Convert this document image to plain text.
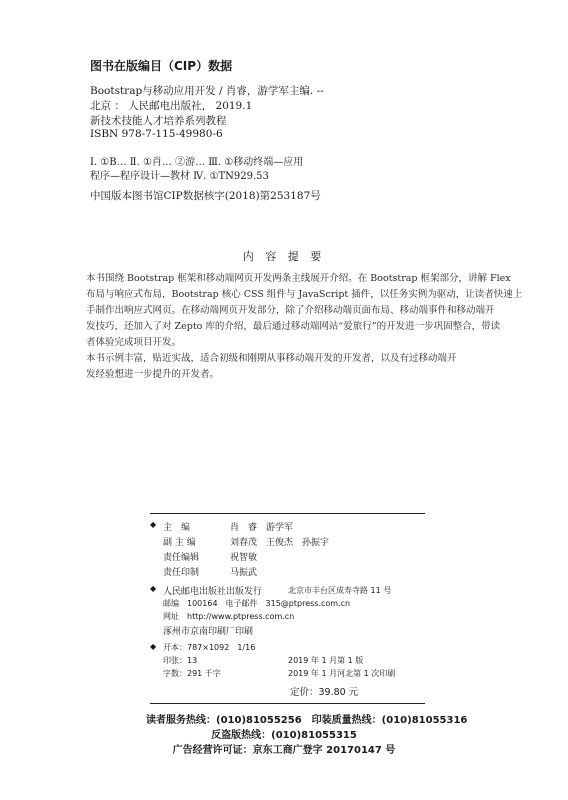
图书在版编目（CIP）数据
Bootstrap与移动应用开发 / 肖睿，游学军主编. --
北京 ： 人民邮电出版社， 2019.1
新技术技能人才培养系列教程
ISBN 978-7-115-49980-6
Ⅰ. ①B… Ⅱ. ①肖… ②游… Ⅲ. ①移动终端—应用
程序—程序设计—教材 Ⅳ. ①TN929.53
中国版本图书馆CIP数据核字(2018)第253187号
内 容 提 要
本书围绕 Bootstrap 框架和移动端网页开发两条主线展开介绍。在 Bootstrap 框架部分，讲解 Flex
布局与响应式布局，Bootstrap 核心 CSS 组件与 JavaScript 插件，以任务实例为驱动，让读者快速上
手制作出响应式网页。在移动端网页开发部分，除了介绍移动端页面布局、移动端事件和移动端开
发技巧，还加入了对 Zepto 库的介绍，最后通过移动端网站“爱旅行”的开发进一步巩固整合，带读
者体验完成项目开发。
本书示例丰富，贴近实战，适合初级和刚期从事移动端开发的开发者，以及有过移动端开
发经验想进一步提升的开发者。
◆ 主　编	肖　睿　游学军
副 主 编	刘春茂　王俊杰　孙振宇
责任编辑	祝智敏
责任印制	马振武
◆ 人民邮电出版社出版发行	北京市丰台区成寿寺路 11 号
邮编　100164　电子邮件　315@ptpress.com.cn
网址　http://www.ptpress.com.cn
涿州市京南印刷厂印刷
◆ 开本：787×1092　1/16
印张：13	2019 年 1 月第 1 版
字数：291 千字	2019 年 1 月河北第 1 次印刷
定价：39.80 元
读者服务热线：(010)81055256　印装质量热线：(010)81055316
反盗版热线：(010)81055315
广告经营许可证：京东工商广登字 20170147 号
